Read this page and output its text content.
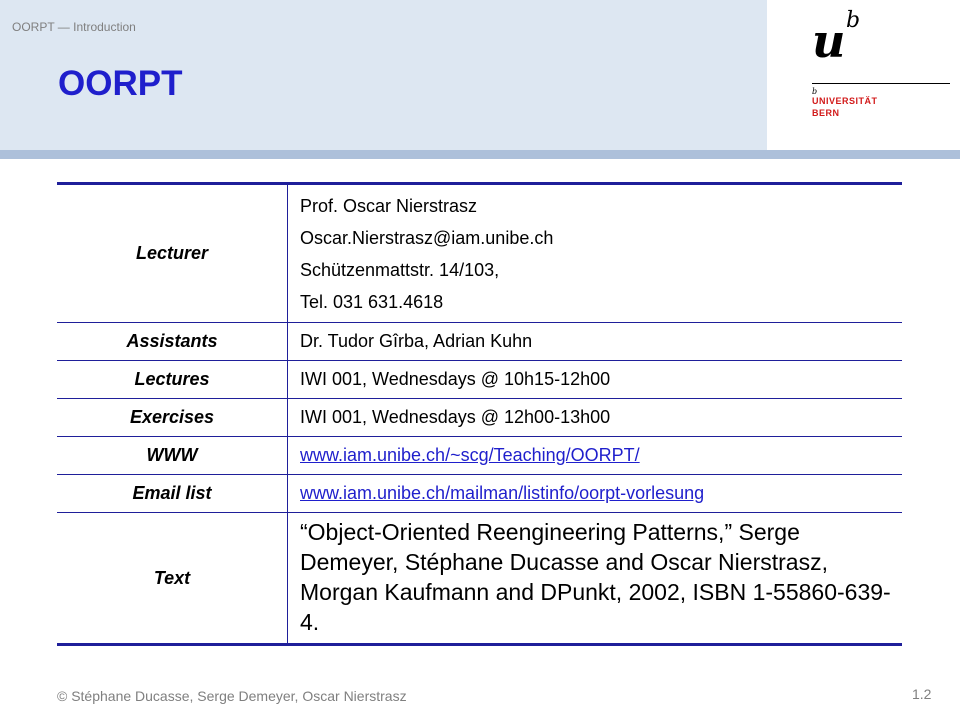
OORPT — Introduction
OORPT
u b
b
UNIVERSITÄT
BERN
Lecturer	Prof. Oscar Nierstrasz
Oscar.Nierstrasz@iam.unibe.ch
Schützenmattstr. 14/103,
Tel. 031 631.4618

Assistants	Dr. Tudor Gîrba, Adrian Kuhn
Lectures	IWI 001, Wednesdays @ 10h15-12h00
Exercises	IWI 001, Wednesdays @ 12h00-13h00
WWW	www.iam.unibe.ch/~scg/Teaching/OORPT/
Email list	www.iam.unibe.ch/mailman/listinfo/oorpt-vorlesung
Text	“Object-Oriented Reengineering Patterns,” Serge Demeyer, Stéphane Ducasse and Oscar Nierstrasz, Morgan Kaufmann and DPunkt, 2002, ISBN 1-55860-639-4.
© Stéphane Ducasse, Serge Demeyer, Oscar Nierstrasz	1.2
